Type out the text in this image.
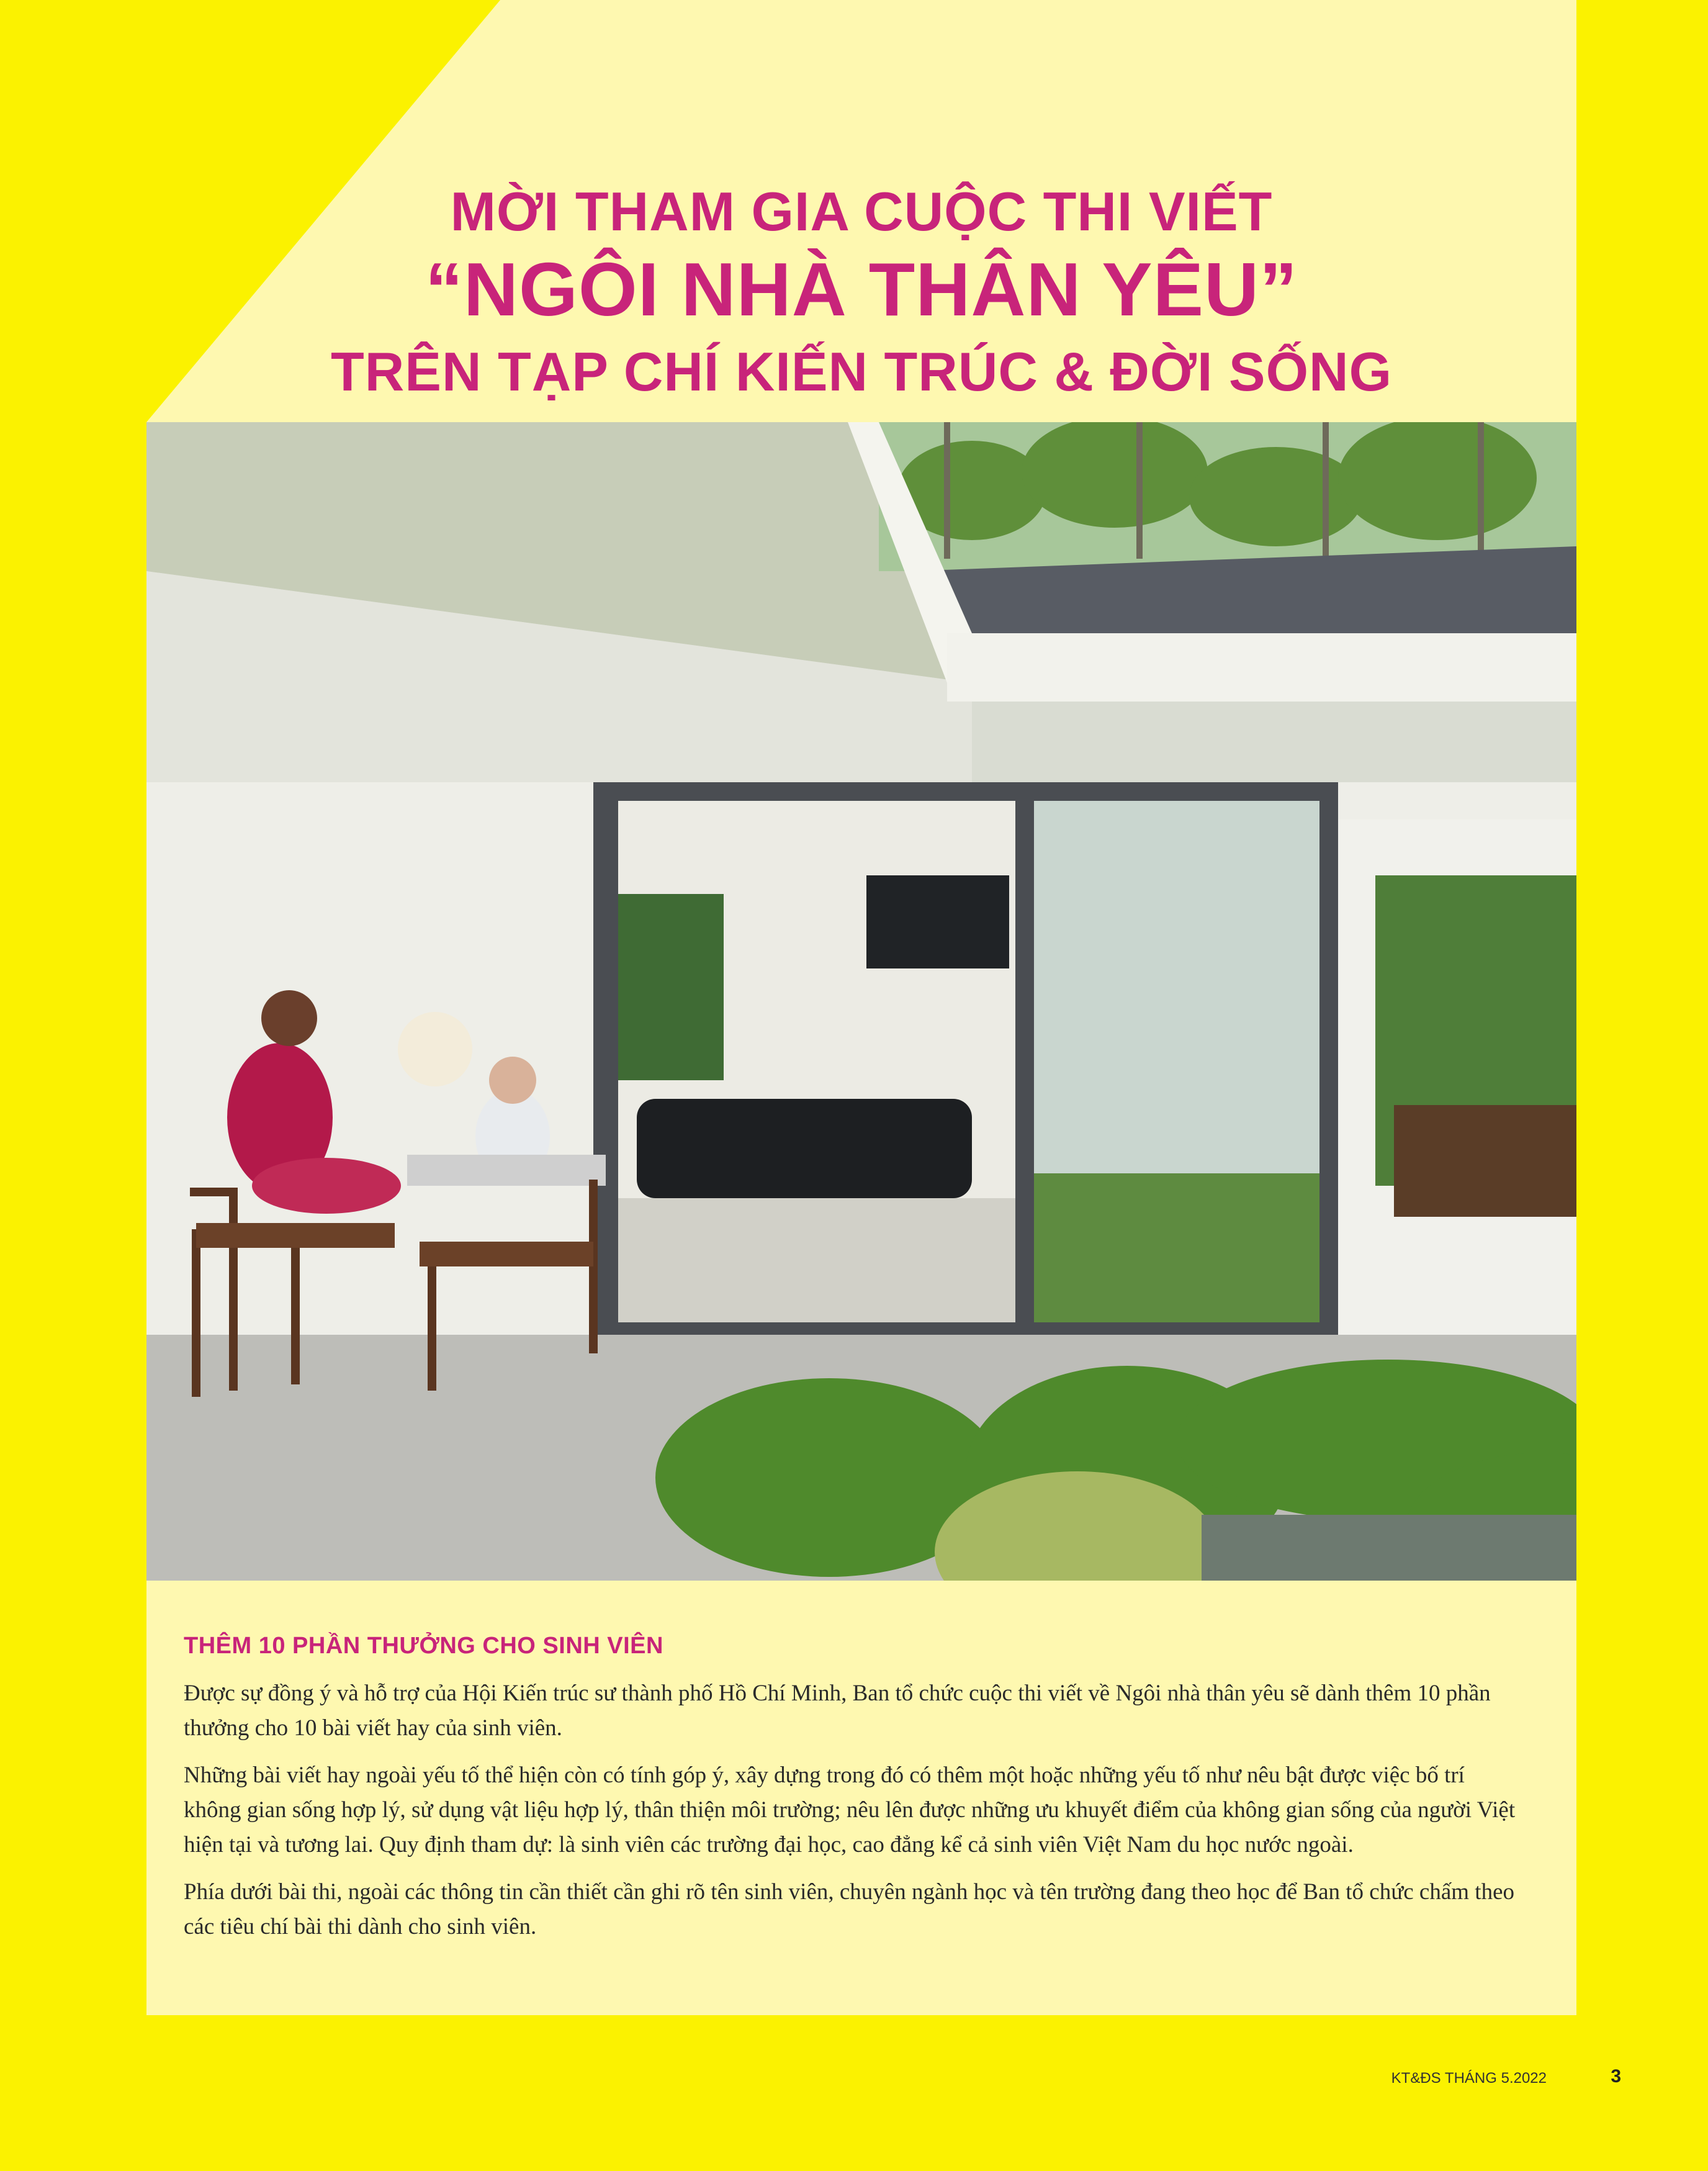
MỜI THAM GIA CUỘC THI VIẾT
“NGÔI NHÀ THÂN YÊU”
TRÊN TẠP CHÍ KIẾN TRÚC & ĐỜI SỐNG
THÊM 10 PHẦN THƯỞNG CHO SINH VIÊN

Được sự đồng ý và hỗ trợ của Hội Kiến trúc sư thành phố Hồ Chí Minh, Ban tổ chức cuộc thi viết về Ngôi nhà thân yêu sẽ dành thêm 10 phần thưởng cho 10 bài viết hay của sinh viên.

Những bài viết hay ngoài yếu tố thể hiện còn có tính góp ý, xây dựng trong đó có thêm một hoặc những yếu tố như nêu bật được việc bố trí không gian sống hợp lý, sử dụng vật liệu hợp lý, thân thiện môi trường; nêu lên được những ưu khuyết điểm của không gian sống của người Việt hiện tại và tương lai. Quy định tham dự: là sinh viên các trường đại học, cao đẳng kể cả sinh viên Việt Nam du học nước ngoài.

Phía dưới bài thi, ngoài các thông tin cần thiết cần ghi rõ tên sinh viên, chuyên ngành học và tên trường đang theo học để Ban tổ chức chấm theo các tiêu chí bài thi dành cho sinh viên.

KT&ĐS THÁNG 5.2022	3
